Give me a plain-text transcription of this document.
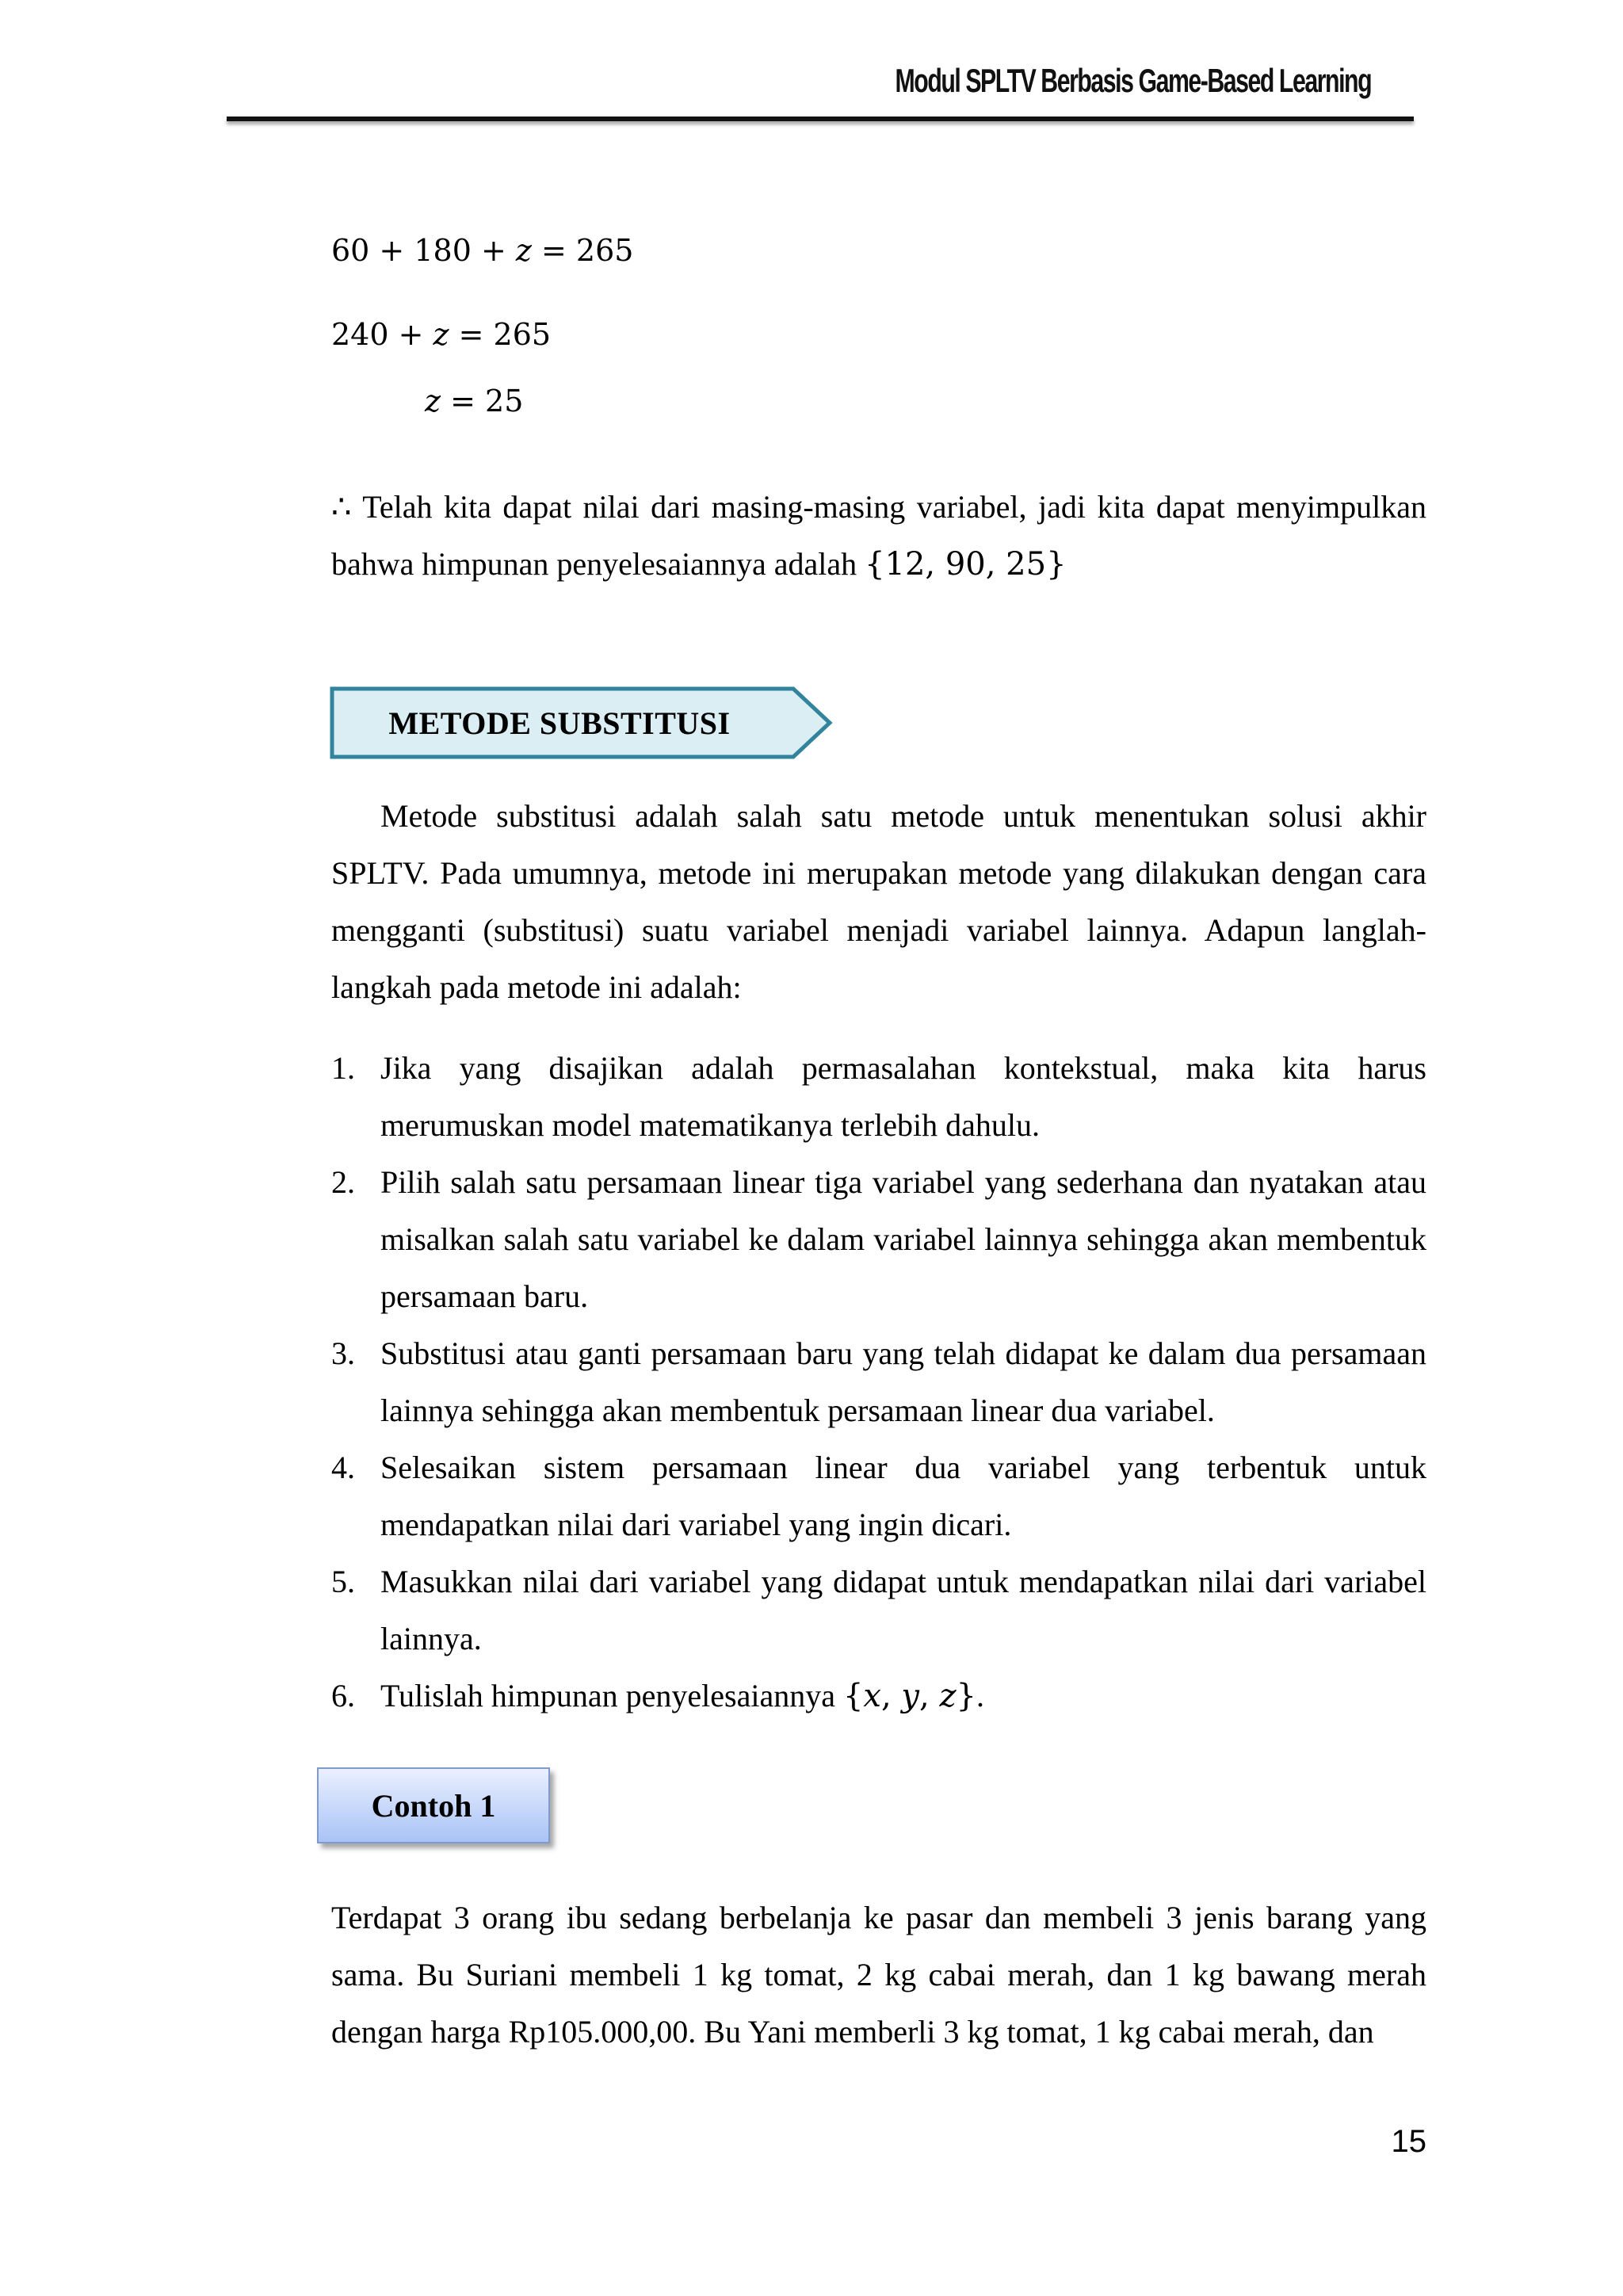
Modul SPLTV Berbasis Game-Based Learning
60 + 180 + 𝑧 = 265
240 + 𝑧 = 265
𝑧 = 25
∴ Telah kita dapat nilai dari masing-masing variabel, jadi kita dapat menyimpulkan bahwa himpunan penyelesaiannya adalah {12, 90, 25}
METODE SUBSTITUSI
Metode substitusi adalah salah satu metode untuk menentukan solusi akhir SPLTV. Pada umumnya, metode ini merupakan metode yang dilakukan dengan cara mengganti (substitusi) suatu variabel menjadi variabel lainnya. Adapun langlah-langkah pada metode ini adalah:
1. Jika yang disajikan adalah permasalahan kontekstual, maka kita harus merumuskan model matematikanya terlebih dahulu.
2. Pilih salah satu persamaan linear tiga variabel yang sederhana dan nyatakan atau misalkan salah satu variabel ke dalam variabel lainnya sehingga akan membentuk persamaan baru.
3. Substitusi atau ganti persamaan baru yang telah didapat ke dalam dua persamaan lainnya sehingga akan membentuk persamaan linear dua variabel.
4. Selesaikan sistem persamaan linear dua variabel yang terbentuk untuk mendapatkan nilai dari variabel yang ingin dicari.
5. Masukkan nilai dari variabel yang didapat untuk mendapatkan nilai dari variabel lainnya.
6. Tulislah himpunan penyelesaiannya {𝑥, 𝑦, 𝑧}.
Contoh 1
Terdapat 3 orang ibu sedang berbelanja ke pasar dan membeli 3 jenis barang yang sama. Bu Suriani membeli 1 kg tomat, 2 kg cabai merah, dan 1 kg bawang merah dengan harga Rp105.000,00. Bu Yani memberli 3 kg tomat, 1 kg cabai merah, dan
15
